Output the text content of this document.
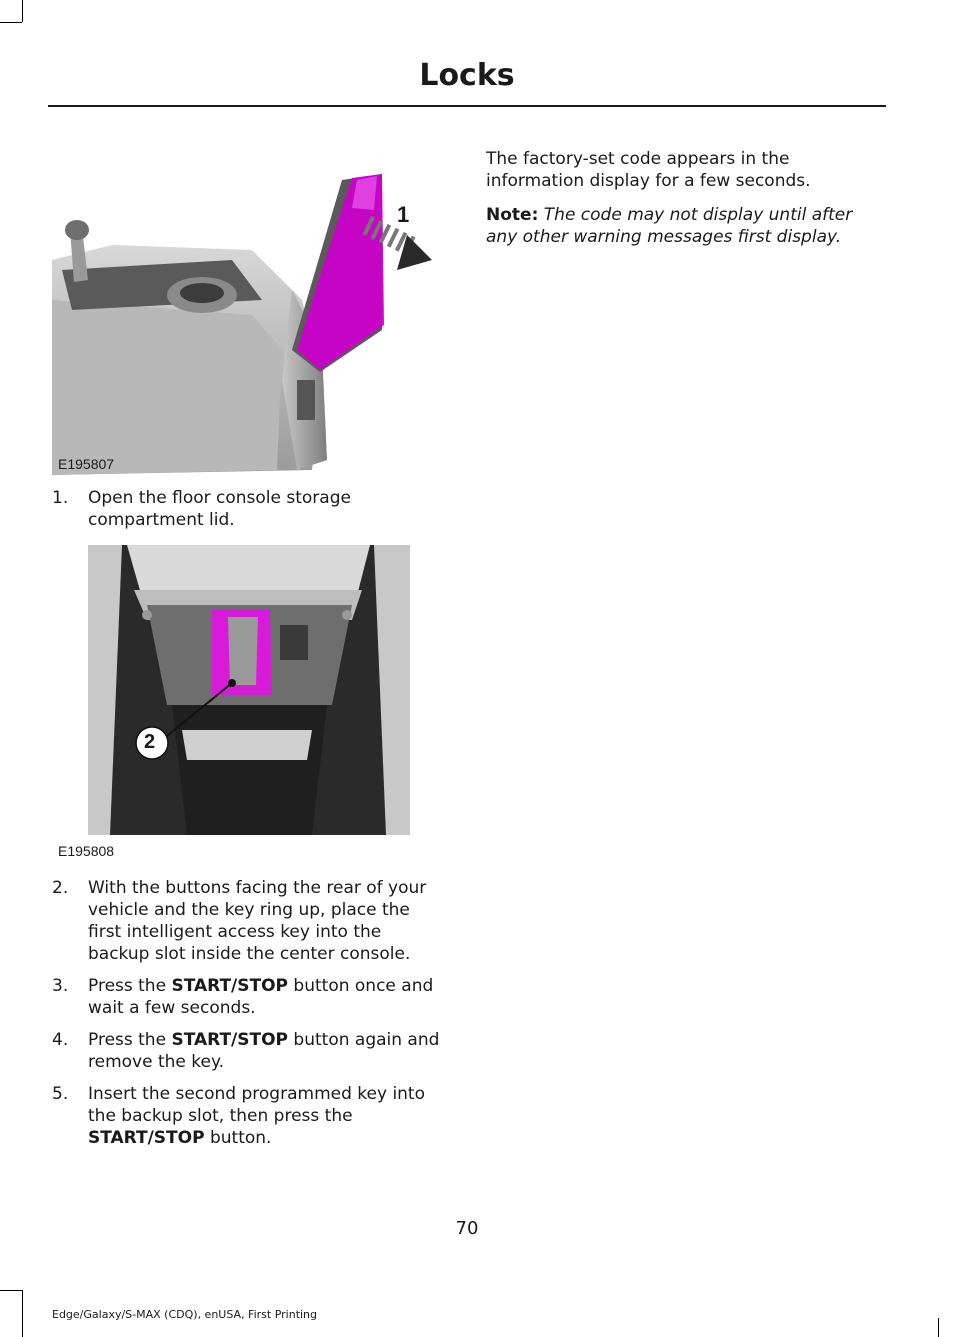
Locks
1
E195807
1. Open the floor console storage compartment lid.
2
E195808
2. With the buttons facing the rear of your vehicle and the key ring up, place the first intelligent access key into the backup slot inside the center console.
3. Press the START/STOP button once and wait a few seconds.
4. Press the START/STOP button again and remove the key.
5. Insert the second programmed key into the backup slot, then press the START/STOP button.

The factory-set code appears in the information display for a few seconds.

Note: The code may not display until after any other warning messages first display.

70
Edge/Galaxy/S-MAX (CDQ), enUSA, First Printing
